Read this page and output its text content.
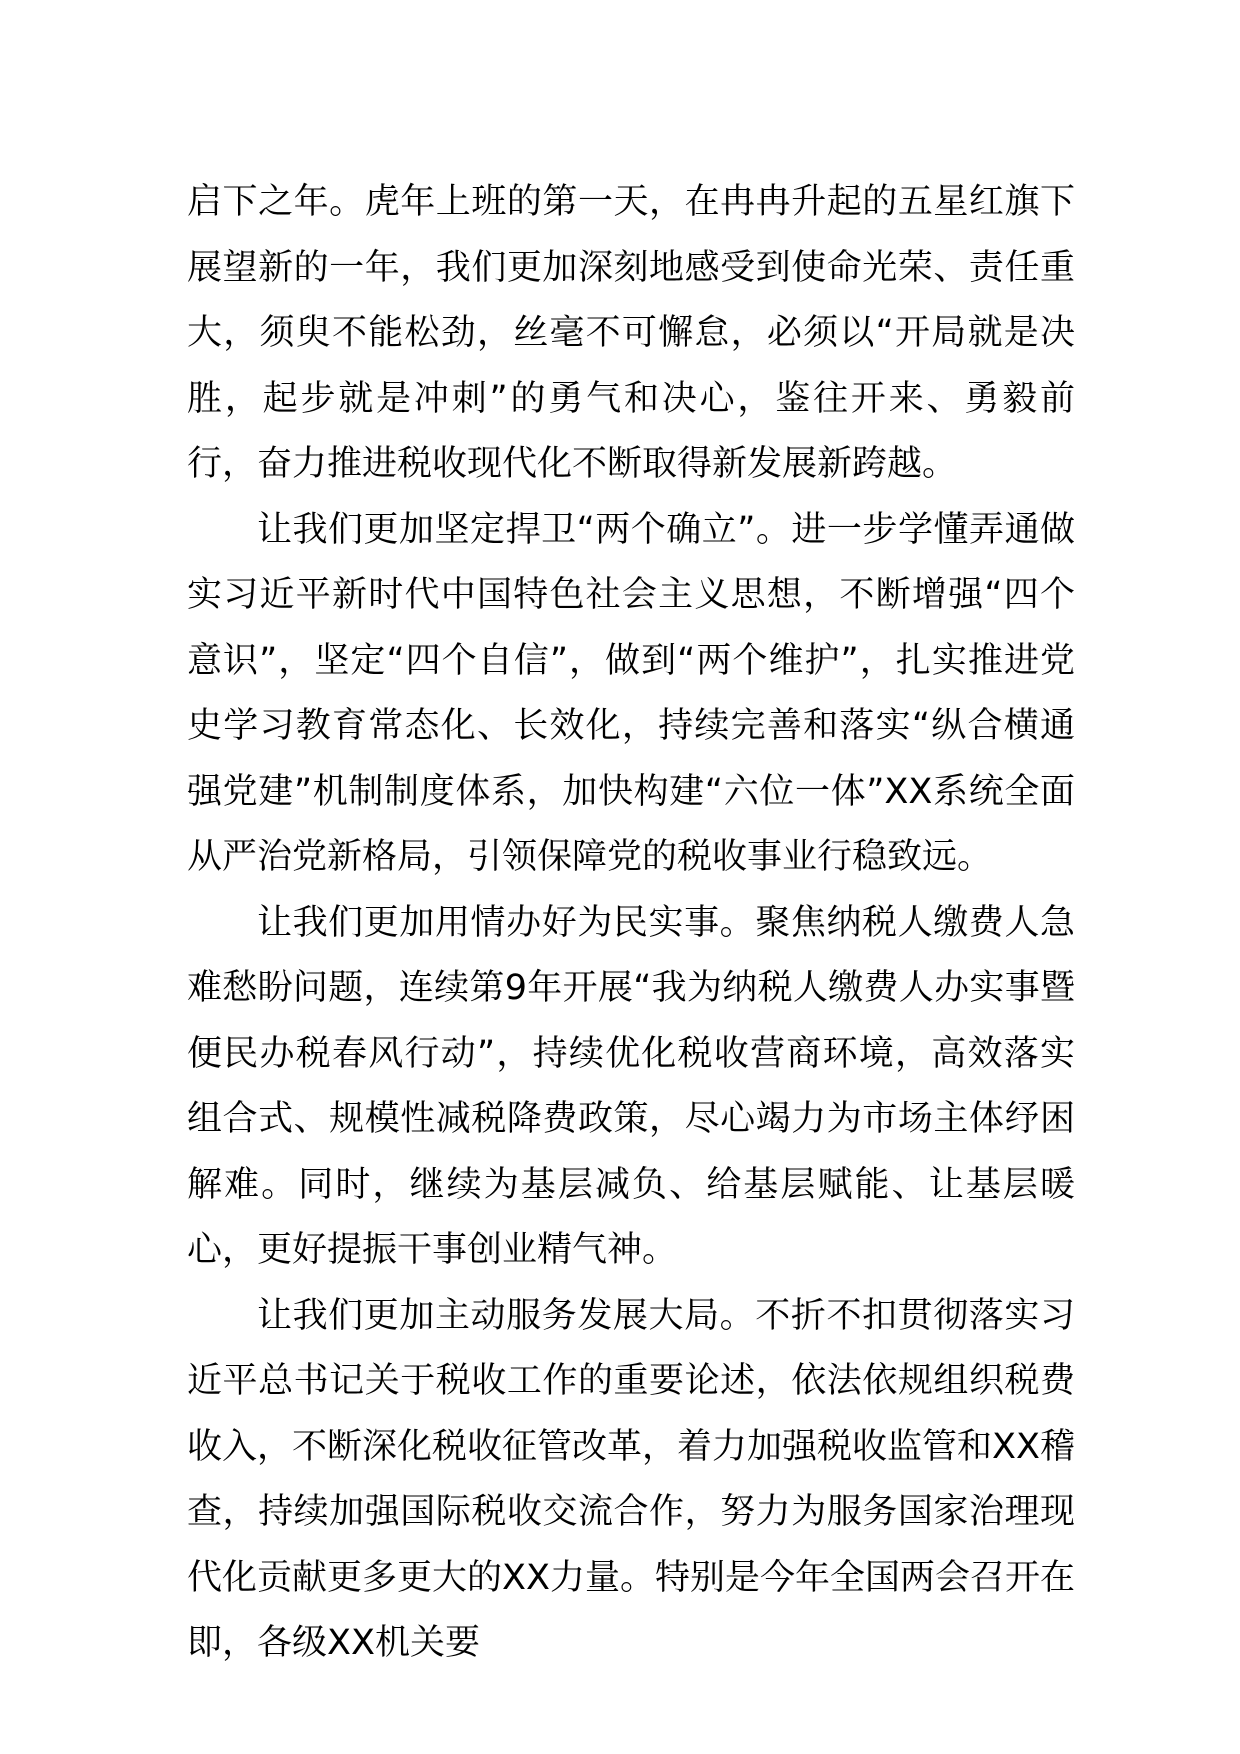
启下之年。虎年上班的第一天，在冉冉升起的五星红旗下展望新的一年，我们更加深刻地感受到使命光荣、责任重大，须臾不能松劲，丝毫不可懈怠，必须以“开局就是决胜，起步就是冲刺”的勇气和决心，鉴往开来、勇毅前行，奋力推进税收现代化不断取得新发展新跨越。

让我们更加坚定捍卫“两个确立”。进一步学懂弄通做实习近平新时代中国特色社会主义思想，不断增强“四个意识”，坚定“四个自信”，做到“两个维护”，扎实推进党史学习教育常态化、长效化，持续完善和落实“纵合横通强党建”机制制度体系，加快构建“六位一体”XX系统全面从严治党新格局，引领保障党的税收事业行稳致远。

让我们更加用情办好为民实事。聚焦纳税人缴费人急难愁盼问题，连续第9年开展“我为纳税人缴费人办实事暨便民办税春风行动”，持续优化税收营商环境，高效落实组合式、规模性减税降费政策，尽心竭力为市场主体纾困解难。同时，继续为基层减负、给基层赋能、让基层暖心，更好提振干事创业精气神。

让我们更加主动服务发展大局。不折不扣贯彻落实习近平总书记关于税收工作的重要论述，依法依规组织税费收入，不断深化税收征管改革，着力加强税收监管和XX稽查，持续加强国际税收交流合作，努力为服务国家治理现代化贡献更多更大的XX力量。特别是今年全国两会召开在即，各级XX机关要
